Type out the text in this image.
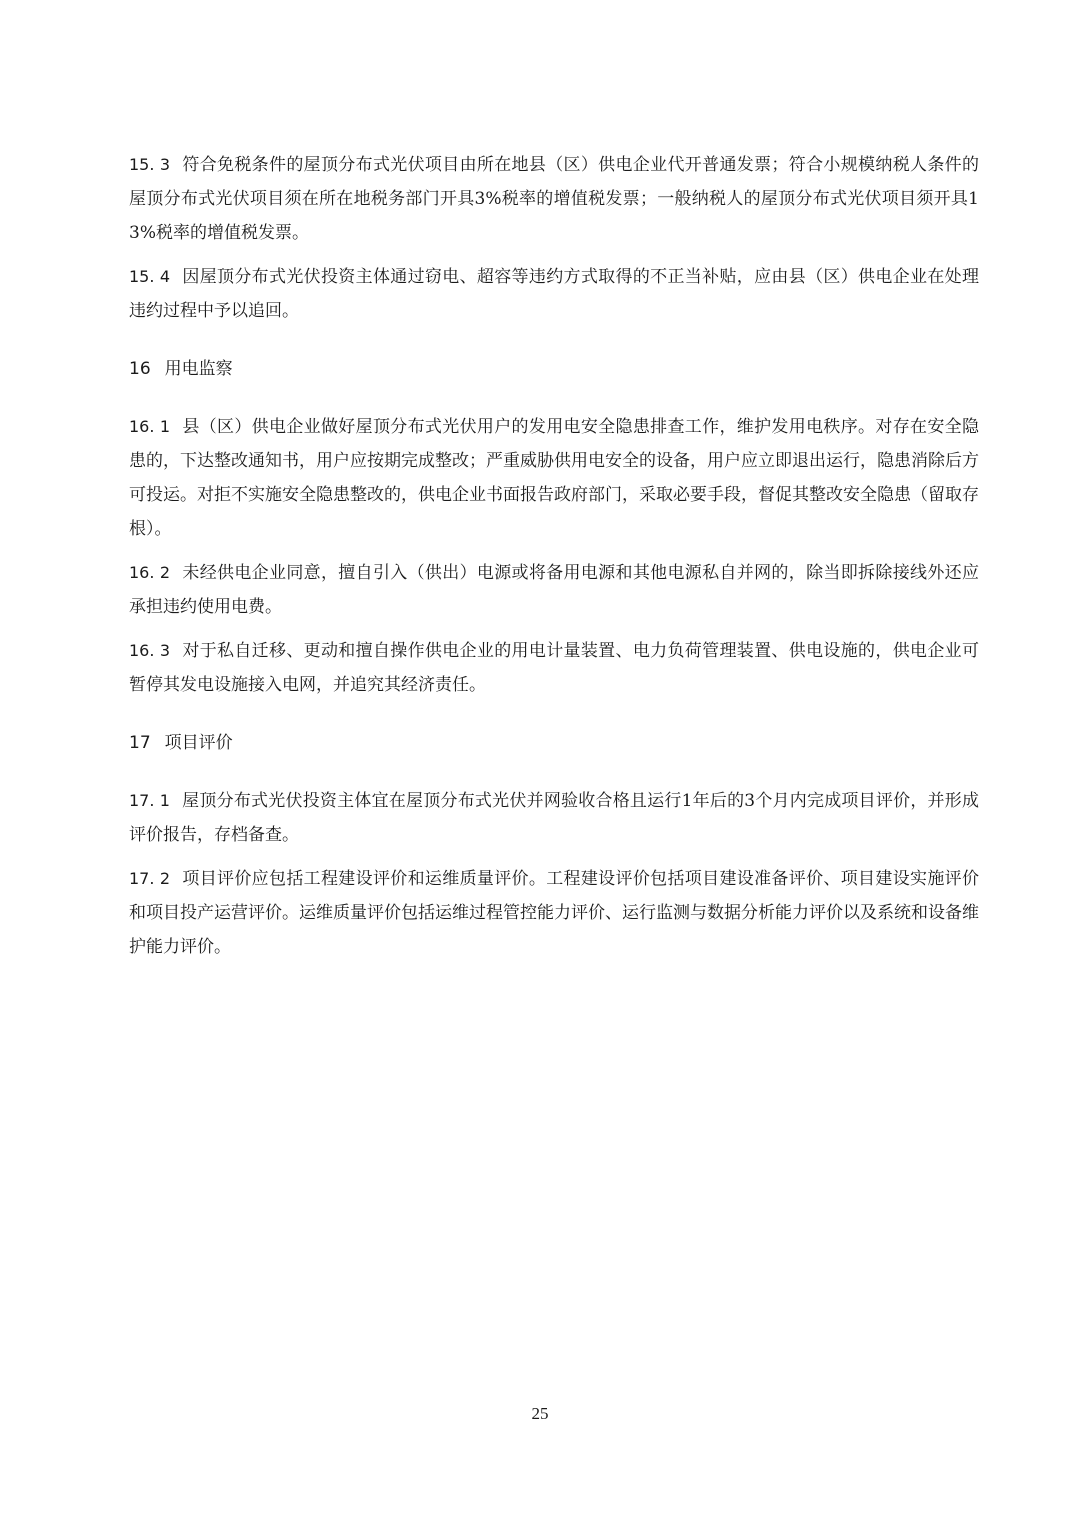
15. 3 符合免税条件的屋顶分布式光伏项目由所在地县（区）供电企业代开普通发票；符合小规模纳税人条件的屋顶分布式光伏项目须在所在地税务部门开具3%税率的增值税发票；一般纳税人的屋顶分布式光伏项目须开具13%税率的增值税发票。

15. 4 因屋顶分布式光伏投资主体通过窃电、超容等违约方式取得的不正当补贴，应由县（区）供电企业在处理违约过程中予以追回。

16 用电监察

16. 1 县（区）供电企业做好屋顶分布式光伏用户的发用电安全隐患排查工作，维护发用电秩序。对存在安全隐患的，下达整改通知书，用户应按期完成整改；严重威胁供用电安全的设备，用户应立即退出运行，隐患消除后方可投运。对拒不实施安全隐患整改的，供电企业书面报告政府部门，采取必要手段，督促其整改安全隐患（留取存根）。

16. 2 未经供电企业同意，擅自引入（供出）电源或将备用电源和其他电源私自并网的，除当即拆除接线外还应承担违约使用电费。

16. 3 对于私自迁移、更动和擅自操作供电企业的用电计量装置、电力负荷管理装置、供电设施的，供电企业可暂停其发电设施接入电网，并追究其经济责任。

17 项目评价

17. 1 屋顶分布式光伏投资主体宜在屋顶分布式光伏并网验收合格且运行1年后的3个月内完成项目评价，并形成评价报告，存档备查。

17. 2 项目评价应包括工程建设评价和运维质量评价。工程建设评价包括项目建设准备评价、项目建设实施评价和项目投产运营评价。运维质量评价包括运维过程管控能力评价、运行监测与数据分析能力评价以及系统和设备维护能力评价。

25
